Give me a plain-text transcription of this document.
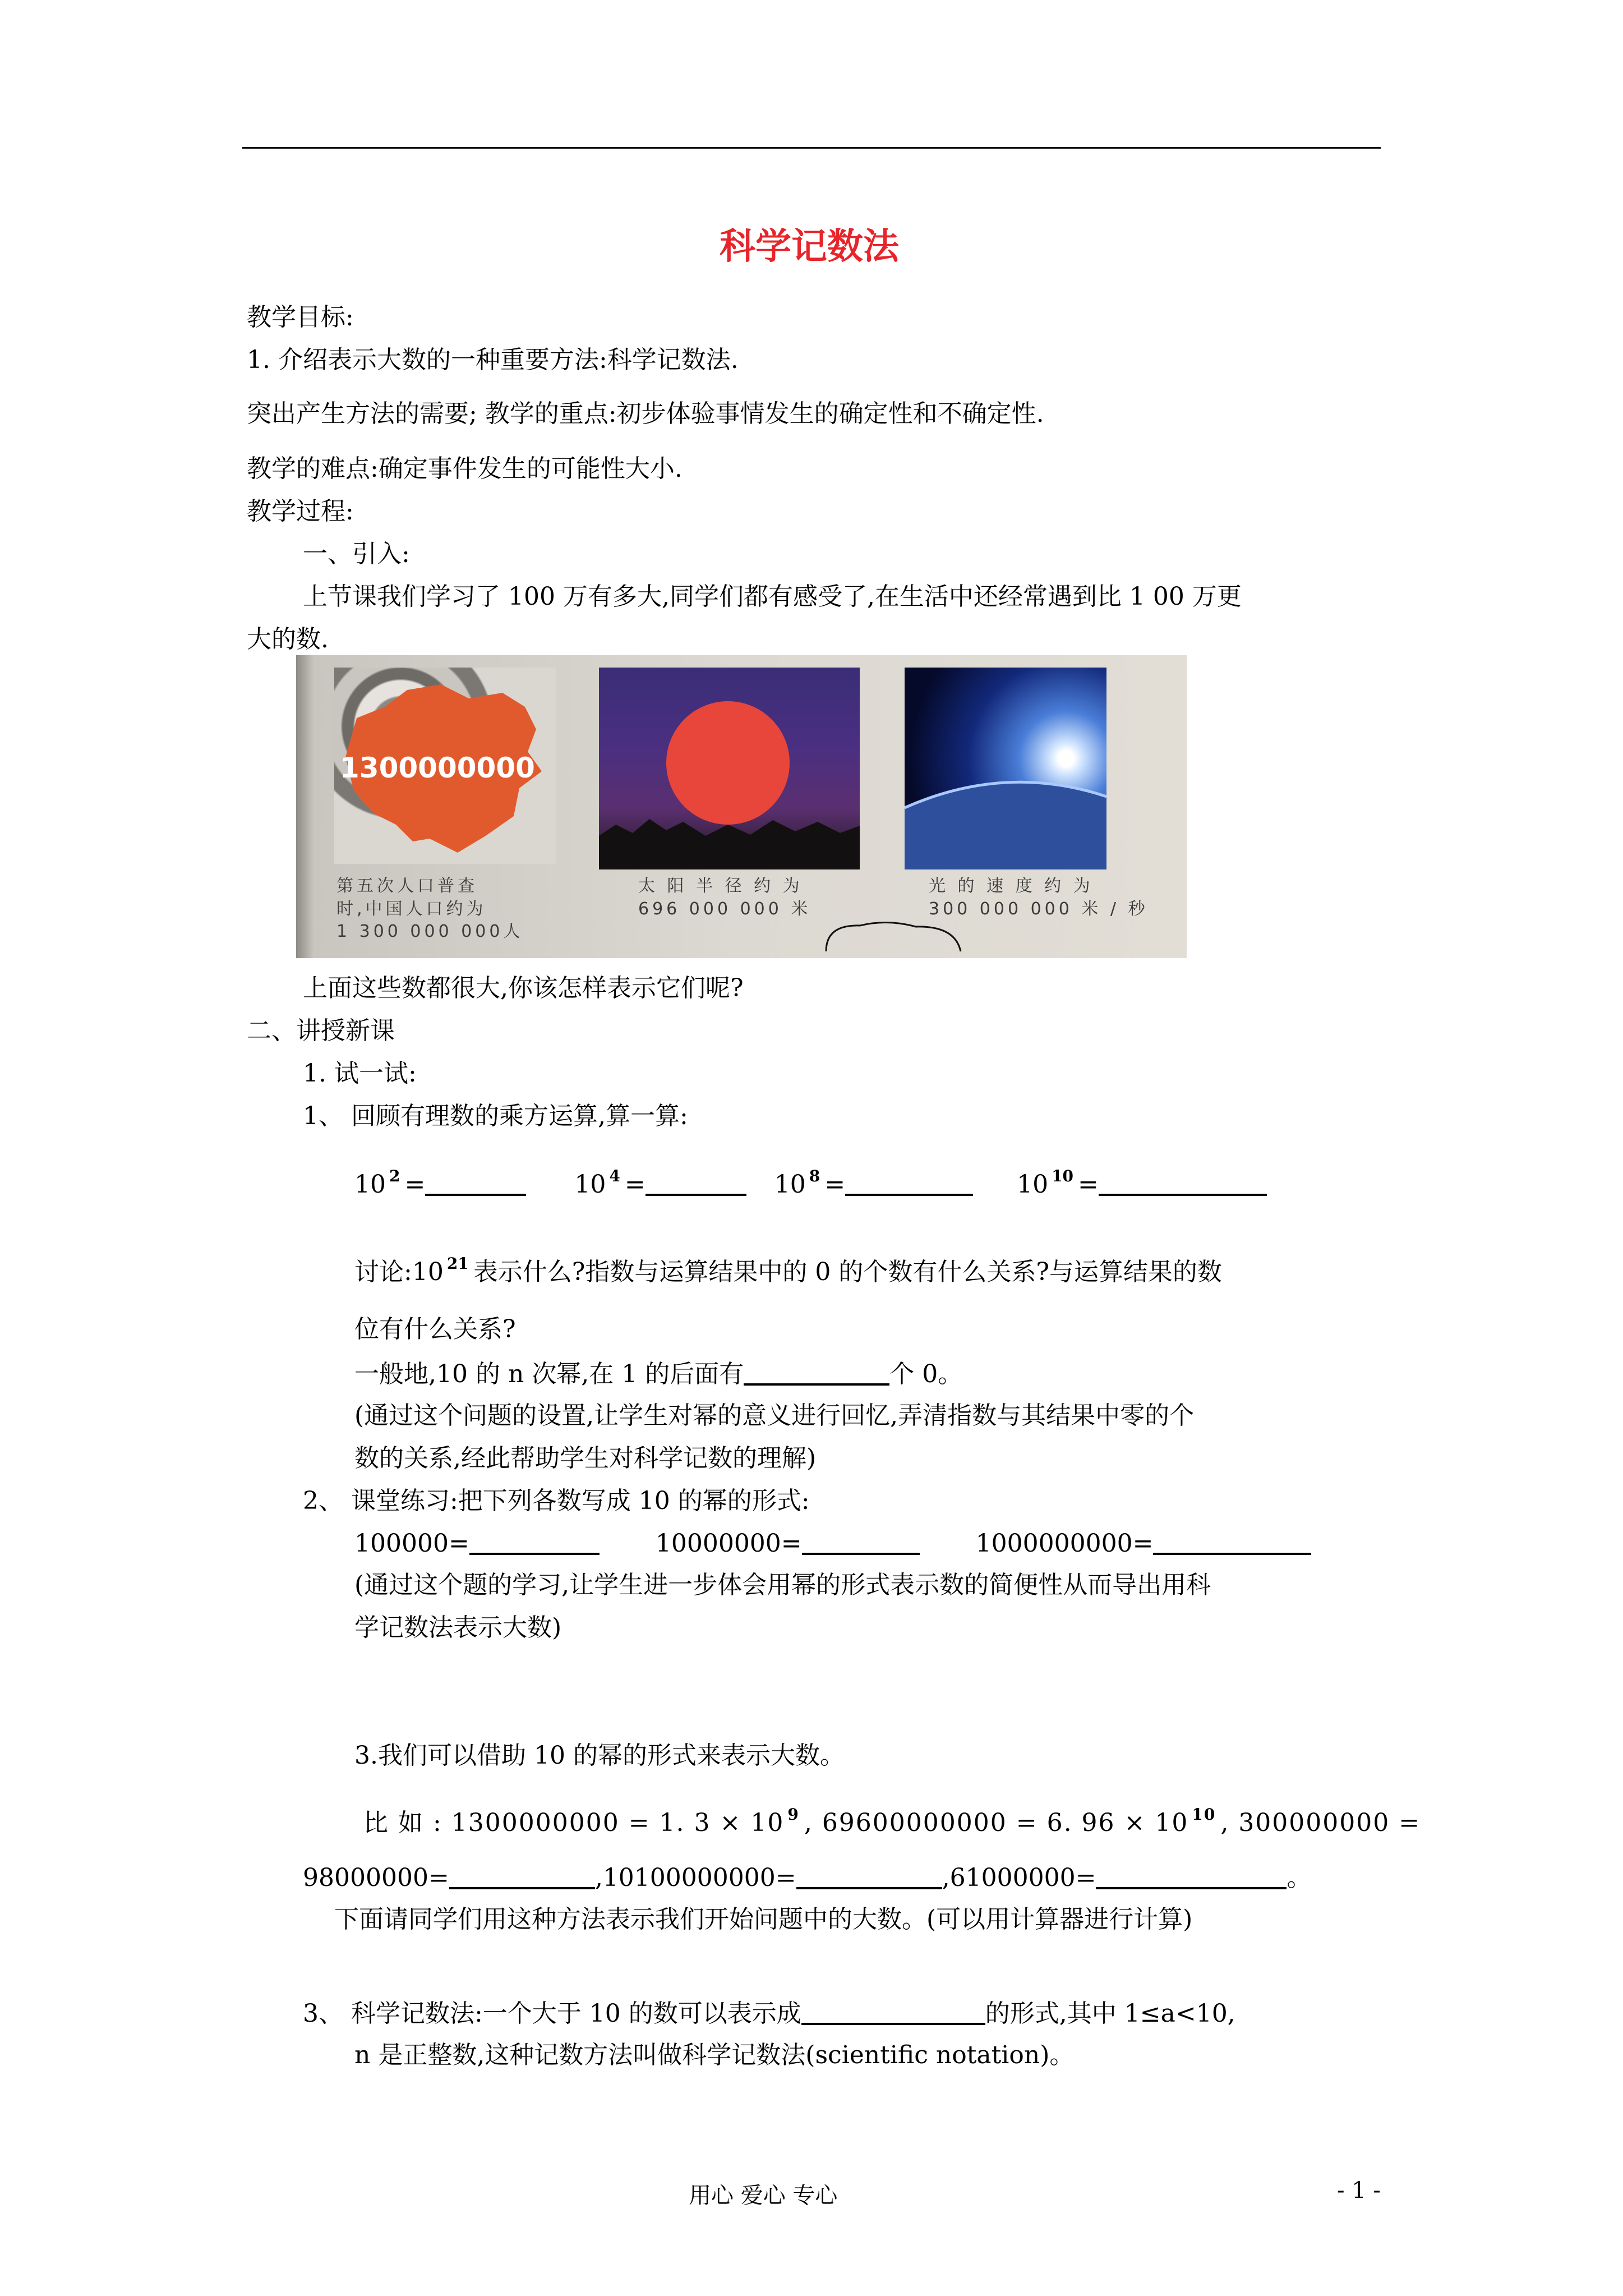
科学记数法
教学目标:
1. 介绍表示大数的一种重要方法:科学记数法.
突出产生方法的需要; 教学的重点:初步体验事情发生的确定性和不确定性.
教学的难点:确定事件发生的可能性大小.
教学过程:
一、引入:
上节课我们学习了 100 万有多大,同学们都有感受了,在生活中还经常遇到比 1 00 万更
大的数.
1300000000
第五次人口普查
时,中国人口约为
1 300 000 000人
太 阳 半 径 约 为
696 000 000 米
光 的 速 度 约 为
300 000 000 米 / 秒
上面这些数都很大,你该怎样表示它们呢?
二、讲授新课
1. 试一试:
1、 回顾有理数的乘方运算,算一算:
10 $^2$ =	10 $^4$ =	10 $^8$ =	10 $^{10}$ =
讨论:10 $^{21}$ 表示什么?指数与运算结果中的 0 的个数有什么关系?与运算结果的数
位有什么关系?
一般地,10 的 n 次幂,在 1 的后面有	个 0。
(通过这个问题的设置,让学生对幂的意义进行回忆,弄清指数与其结果中零的个
数的关系,经此帮助学生对科学记数的理解)
2、 课堂练习:把下列各数写成 10 的幂的形式:
100000=	10000000=	1000000000=
(通过这个题的学习,让学生进一步体会用幂的形式表示数的简便性从而导出用科
学记数法表示大数)
3.我们可以借助 10 的幂的形式来表示大数。
比 如 : 1300000000 = 1. 3 × 10 $^9$ , 69600000000 = 6. 96 × 10 $^{10}$ , 300000000 =
98000000=	,10100000000=	,61000000=	。
下面请同学们用这种方法表示我们开始问题中的大数。(可以用计算器进行计算)
3、 科学记数法:一个大于 10 的数可以表示成	的形式,其中 1≤a<10,
n 是正整数,这种记数方法叫做科学记数法(scientific notation)。
用心 爱心 专心	- 1 -
